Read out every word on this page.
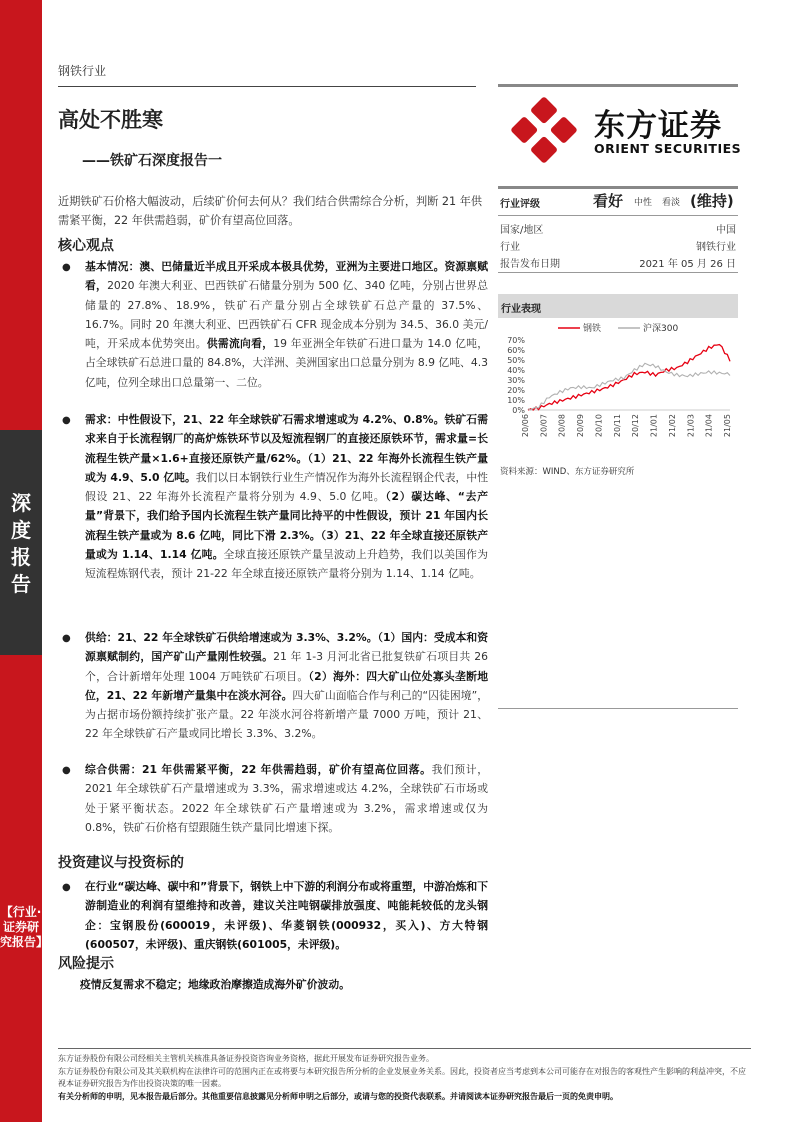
深
度
报
告
【行业·证券研究报告】
钢铁行业
高处不胜寒
——铁矿石深度报告一
近期铁矿石价格大幅波动，后续矿价何去何从？我们结合供需综合分析，判断 21 年供需紧平衡，22 年供需趋弱，矿价有望高位回落。
核心观点
● 基本情况：澳、巴储量近半成且开采成本极具优势，亚洲为主要进口地区。资源禀赋看，2020 年澳大利亚、巴西铁矿石储量分别为 500 亿、340 亿吨，分别占世界总储量的 27.8%、18.9%，铁矿石产量分别占全球铁矿石总产量的 37.5%、16.7%。同时 20 年澳大利亚、巴西铁矿石 CFR 现金成本分别为 34.5、36.0 美元/吨，开采成本优势突出。供需流向看，19 年亚洲全年铁矿石进口量为 14.0 亿吨，占全球铁矿石总进口量的 84.8%，大洋洲、美洲国家出口总量分别为 8.9 亿吨、4.3 亿吨，位列全球出口总量第一、二位。
● 需求：中性假设下，21、22 年全球铁矿石需求增速或为 4.2%、0.8%。铁矿石需求来自于长流程钢厂的高炉炼铁环节以及短流程钢厂的直接还原铁环节，需求量=长流程生铁产量×1.6+直接还原铁产量/62%。（1）21、22 年海外长流程生铁产量或为 4.9、5.0 亿吨。我们以日本钢铁行业生产情况作为海外长流程钢企代表，中性假设 21、22 年海外长流程产量将分别为 4.9、5.0 亿吨。（2）碳达峰、“去产量”背景下，我们给予国内长流程生铁产量同比持平的中性假设，预计 21 年国内长流程生铁产量或为 8.6 亿吨，同比下滑 2.3%。（3）21、22 年全球直接还原铁产量或为 1.14、1.14 亿吨。全球直接还原铁产量呈波动上升趋势，我们以美国作为短流程炼钢代表，预计 21-22 年全球直接还原铁产量将分别为 1.14、1.14 亿吨。
● 供给：21、22 年全球铁矿石供给增速或为 3.3%、3.2%。（1）国内：受成本和资源禀赋制约，国产矿山产量刚性较强。21 年 1-3 月河北省已批复铁矿石项目共 26 个，合计新增年处理 1004 万吨铁矿石项目。（2）海外：四大矿山位处寡头垄断地位，21、22 年新增产量集中在淡水河谷。四大矿山面临合作与利己的“囚徒困境”，为占据市场份额持续扩张产量。22 年淡水河谷将新增产量 7000 万吨，预计 21、22 年全球铁矿石产量或同比增长 3.3%、3.2%。
● 综合供需：21 年供需紧平衡，22 年供需趋弱，矿价有望高位回落。我们预计，2021 年全球铁矿石产量增速或为 3.3%，需求增速或达 4.2%，全球铁矿石市场或处于紧平衡状态。2022 年全球铁矿石产量增速或为 3.2%，需求增速或仅为 0.8%，铁矿石价格有望跟随生铁产量同比增速下探。
投资建议与投资标的
● 在行业“碳达峰、碳中和”背景下，钢铁上中下游的利润分布或将重塑，中游冶炼和下游制造业的利润有望维持和改善，建议关注吨钢碳排放强度、吨能耗较低的龙头钢企：宝钢股份(600019，未评级)、华菱钢铁(000932，买入)、方大特钢(600507，未评级)、重庆钢铁(601005，未评级)。
风险提示
疫情反复需求不稳定；地缘政治摩擦造成海外矿价波动。
东方证券
ORIENT SECURITIES
行业评级	看好 中性 看淡 (维持)
国家/地区	中国
行业	钢铁行业
报告发布日期	2021 年 05 月 26 日
行业表现
钢铁	沪深300
0%
10%
20%
30%
40%
50%
60%
70%
20/06 20/07 20/08 20/09 20/10 20/11 20/12 21/01 21/02 21/03 21/04 21/05
资料来源：WIND、东方证券研究所
东方证券股份有限公司经相关主管机关核准具备证券投资咨询业务资格，据此开展发布证券研究报告业务。
东方证券股份有限公司及其关联机构在法律许可的范围内正在或将要与本研究报告所分析的企业发展业务关系。因此，投资者应当考虑到本公司可能存在对报告的客观性产生影响的利益冲突，不应视本证券研究报告为作出投资决策的唯一因素。
有关分析师的申明，见本报告最后部分。其他重要信息披露见分析师申明之后部分，或请与您的投资代表联系。并请阅读本证券研究报告最后一页的免责申明。
